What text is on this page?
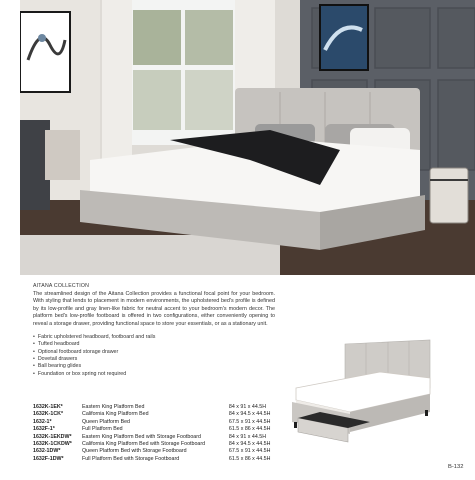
AITANA COLLECTION

The streamlined design of the Aitana Collection provides a functional focal point for your bedroom. With styling that lends to placement in modern environments, the upholstered bed's profile is defined by its low-profile and gray linen-like fabric for neutral accent to your bedroom's modern decor. The platform bed's low-profile footboard is offered in two configurations, either conveniently opening to reveal a storage drawer, providing functional space to store your essentials, or as a stationary unit.

• Fabric upholstered headboard, footboard and rails
• Tufted headboard
• Optional footboard storage drawer
• Dovetail drawers
• Ball bearing glides
• Foundation or box spring not required
1632K-1EK*	Eastern King Platform Bed	84 x 91 x 44.5H
1632K-1CK*	California King Platform Bed	84 x 94.5 x 44.5H
1632-1*	Queen Platform Bed	67.5 x 91 x 44.5H
1632F-1*	Full Platform Bed	61.5 x 86 x 44.5H
1632K-1EKDW*	Eastern King Platform Bed with Storage Footboard	84 x 91 x 44.5H
1632K-1CKDW*	California King Platform Bed with Storage Footboard	84 x 94.5 x 44.5H
1632-1DW*	Queen Platform Bed with Storage Footboard	67.5 x 91 x 44.5H
1632F-1DW*	Full Platform Bed with Storage Footboard	61.5 x 86 x 44.5H
B-132
